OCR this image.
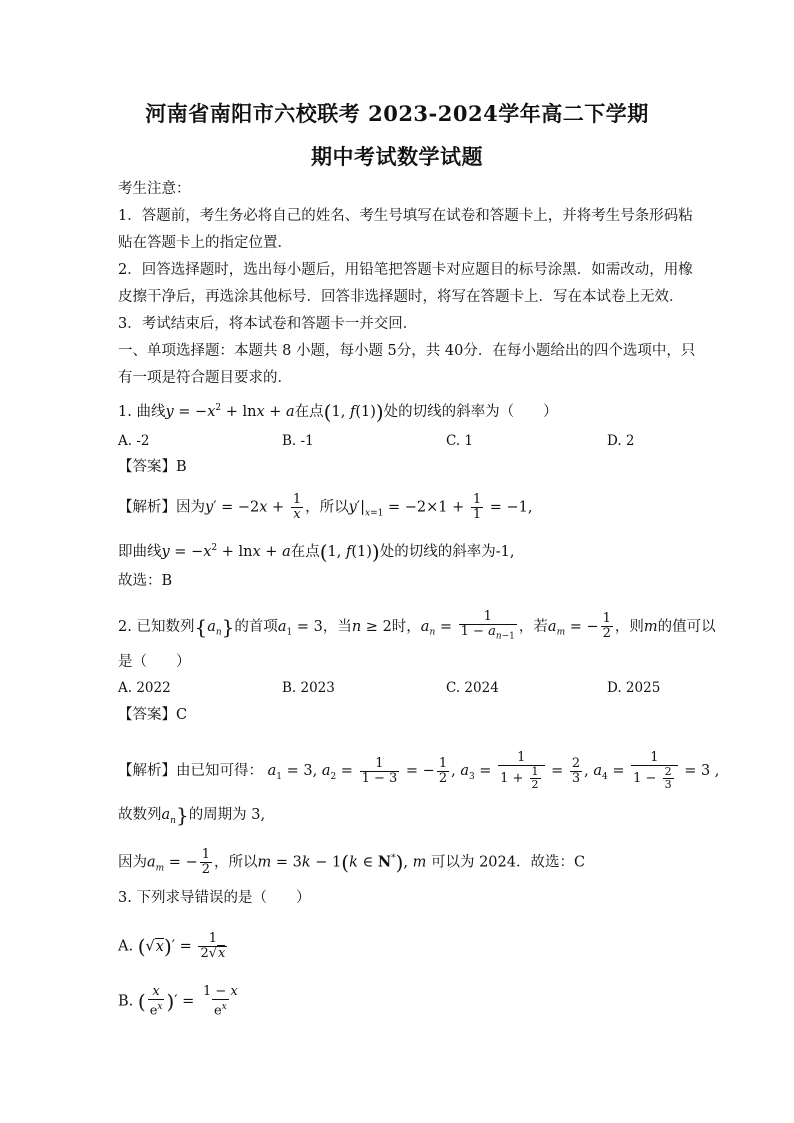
河南省南阳市六校联考 2023-2024学年高二下学期
期中考试数学试题
考生注意：
1．答题前，考生务必将自己的姓名、考生号填写在试卷和答题卡上，并将考生号条形码粘
贴在答题卡上的指定位置．
2．回答选择题时，选出每小题后，用铅笔把答题卡对应题目的标号涂黑．如需改动，用橡
皮擦干净后，再选涂其他标号．回答非选择题时，将写在答题卡上．写在本试卷上无效．
3．考试结束后，将本试卷和答题卡一并交回．
一、单项选择题：本题共 8 小题，每小题 5分，共 40分．在每小题给出的四个选项中，只
有一项是符合题目要求的．
1. 曲线$y = -x^2 + \ln x + a$在点(1, f(1))处的切线的斜率为（　　）
A. -2	B. -1	C. 1	D. 2
【答案】B
【解析】因为$y' = -2x + \frac{1}{x}$ ，所以$y'|_{x=1} = -2\times 1 + \frac{1}{1} = -1$,
即曲线$y = -x^2 + \ln x + a$在点(1, f(1))处的切线的斜率为-1,
故选：B
2. 已知数列$\{a_n\}$的首项$a_1 = 3$，当n ≥ 2时，$a_n = \frac{1}{1 - a_{n-1}}$ ，若$a_m$ = − $\frac{1}{2}$ ，则m的值可以
是（　　）
A. 2022	B. 2023	C. 2024	D. 2025
【答案】C
【解析】由已知可得： $a_1 = 3$, $a_2 = \frac{1}{1 - 3}$ = − $\frac{1}{2}$ , $a_3 = \frac{1}{1 + \frac{1}{2}} = \frac{2}{3}$ , $a_4 = \frac{1}{1 - \frac{2}{3}} = 3$ ,
故数列$a_n$}的周期为 3,
因为$a_m$ = − $\frac{1}{2}$ ，所以m = 3k − 1(k ∈ N*), m 可以为 2024．故选：C
3. 下列求导错误的是（　　）
A. $(√x)' = \frac{1}{2√x}$
B. ( $\frac{x}{e^x}$ )′ = $\frac{1 - x}{e^x}$
